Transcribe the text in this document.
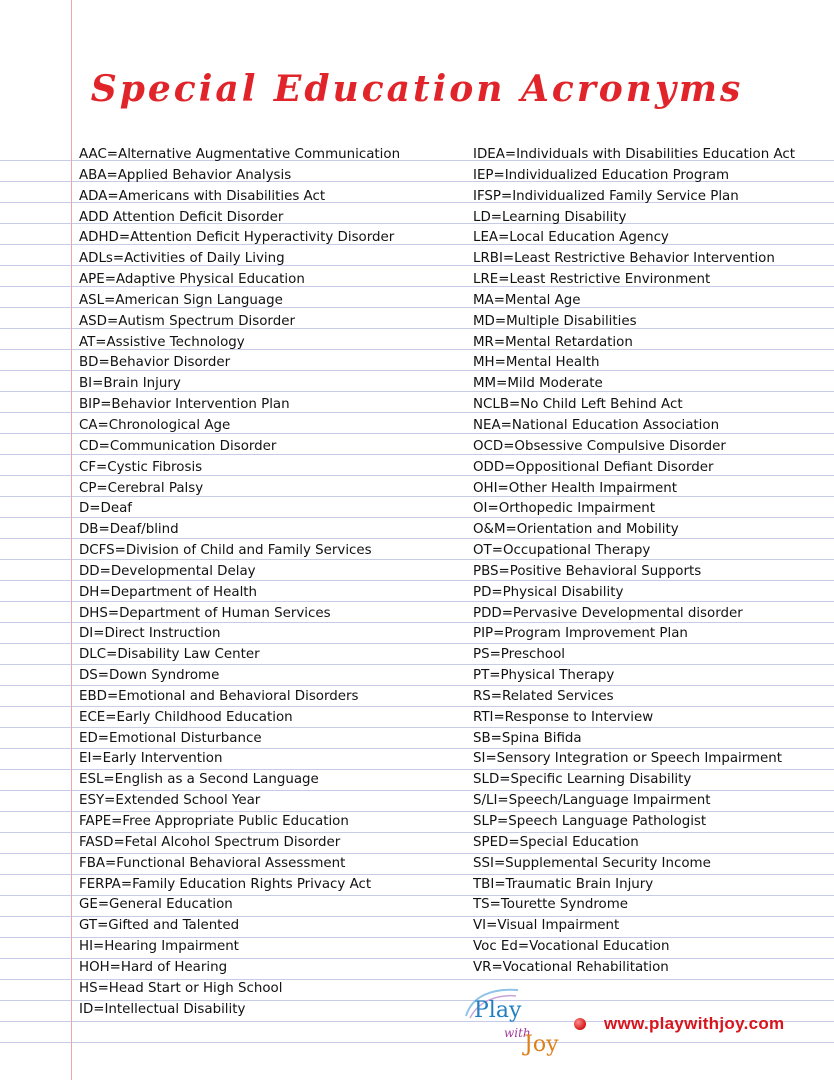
Special Education Acronyms
AAC=Alternative Augmentative Communication
ABA=Applied Behavior Analysis
ADA=Americans with Disabilities Act
ADD Attention Deficit Disorder
ADHD=Attention Deficit Hyperactivity Disorder
ADLs=Activities of Daily Living
APE=Adaptive Physical Education
ASL=American Sign Language
ASD=Autism Spectrum Disorder
AT=Assistive Technology
BD=Behavior Disorder
BI=Brain Injury
BIP=Behavior Intervention Plan
CA=Chronological Age
CD=Communication Disorder
CF=Cystic Fibrosis
CP=Cerebral Palsy
D=Deaf
DB=Deaf/blind
DCFS=Division of Child and Family Services
DD=Developmental Delay
DH=Department of Health
DHS=Department of Human Services
DI=Direct Instruction
DLC=Disability Law Center
DS=Down Syndrome
EBD=Emotional and Behavioral Disorders
ECE=Early Childhood Education
ED=Emotional Disturbance
EI=Early Intervention
ESL=English as a Second Language
ESY=Extended School Year
FAPE=Free Appropriate Public Education
FASD=Fetal Alcohol Spectrum Disorder
FBA=Functional Behavioral Assessment
FERPA=Family Education Rights Privacy Act
GE=General Education
GT=Gifted and Talented
HI=Hearing Impairment
HOH=Hard of Hearing
HS=Head Start or High School
ID=Intellectual Disability
IDEA=Individuals with Disabilities Education Act
IEP=Individualized Education Program
IFSP=Individualized Family Service Plan
LD=Learning Disability
LEA=Local Education Agency
LRBI=Least Restrictive Behavior Intervention
LRE=Least Restrictive Environment
MA=Mental Age
MD=Multiple Disabilities
MR=Mental Retardation
MH=Mental Health
MM=Mild Moderate
NCLB=No Child Left Behind Act
NEA=National Education Association
OCD=Obsessive Compulsive Disorder
ODD=Oppositional Defiant Disorder
OHI=Other Health Impairment
OI=Orthopedic Impairment
O&M=Orientation and Mobility
OT=Occupational Therapy
PBS=Positive Behavioral Supports
PD=Physical Disability
PDD=Pervasive Developmental disorder
PIP=Program Improvement Plan
PS=Preschool
PT=Physical Therapy
RS=Related Services
RTI=Response to Interview
SB=Spina Bifida
SI=Sensory Integration or Speech Impairment
SLD=Specific Learning Disability
S/LI=Speech/Language Impairment
SLP=Speech Language Pathologist
SPED=Special Education
SSI=Supplemental Security Income
TBI=Traumatic Brain Injury
TS=Tourette Syndrome
VI=Visual Impairment
Voc Ed=Vocational Education
VR=Vocational Rehabilitation
Play
with
Joy
www.playwithjoy.com
